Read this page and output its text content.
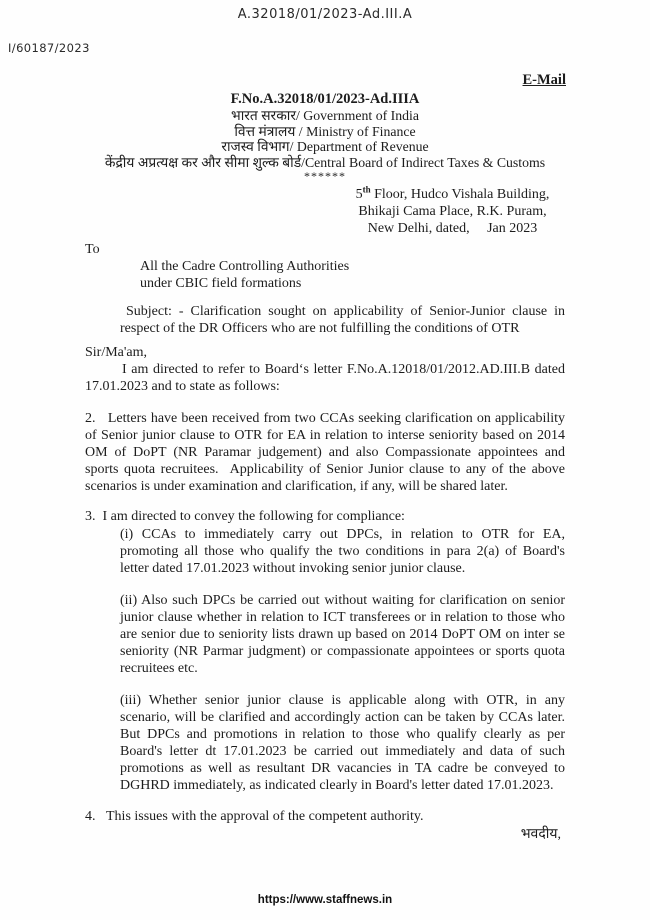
A.32018/01/2023-Ad.III.A
I/60187/2023
E-Mail
F.No.A.32018/01/2023-Ad.IIIA
भारत सरकार/ Government of India
वित्त मंत्रालय / Ministry of Finance
राजस्व विभाग/ Department of Revenue
केंद्रीय अप्रत्यक्ष कर और सीमा शुल्क बोर्ड/Central Board of Indirect Taxes & Customs
******
5th Floor, Hudco Vishala Building,
Bhikaji Cama Place, R.K. Puram,
New Delhi, dated,     Jan 2023
To
All the Cadre Controlling Authorities
under CBIC field formations
Subject: - Clarification sought on applicability of Senior-Junior clause in respect of the DR Officers who are not fulfilling the conditions of OTR
Sir/Ma'am,
I am directed to refer to Board‘s letter F.No.A.12018/01/2012.AD.III.B dated 17.01.2023 and to state as follows:
2.   Letters have been received from two CCAs seeking clarification on applicability of Senior junior clause to OTR for EA in relation to interse seniority based on 2014 OM of DoPT (NR Paramar judgement) and also Compassionate appointees and sports quota recruitees.  Applicability of Senior Junior clause to any of the above scenarios is under examination and clarification, if any, will be shared later.
3.  I am directed to convey the following for compliance:
(i) CCAs to immediately carry out DPCs, in relation to OTR for EA, promoting all those who qualify the two conditions in para 2(a) of Board's letter dated 17.01.2023 without invoking senior junior clause.
(ii) Also such DPCs be carried out without waiting for clarification on senior junior clause whether in relation to ICT transferees or in relation to those who are senior due to seniority lists drawn up based on 2014 DoPT OM on inter se seniority (NR Parmar judgment) or compassionate appointees or sports quota recruitees etc.
(iii) Whether senior junior clause is applicable along with OTR, in any scenario, will be clarified and accordingly action can be taken by CCAs later. But DPCs and promotions in relation to those who qualify clearly as per Board's letter dt 17.01.2023 be carried out immediately and data of such promotions as well as resultant DR vacancies in TA cadre be conveyed to DGHRD immediately, as indicated clearly in Board's letter dated 17.01.2023.
4.   This issues with the approval of the competent authority.
भवदीय,
https://www.staffnews.in
